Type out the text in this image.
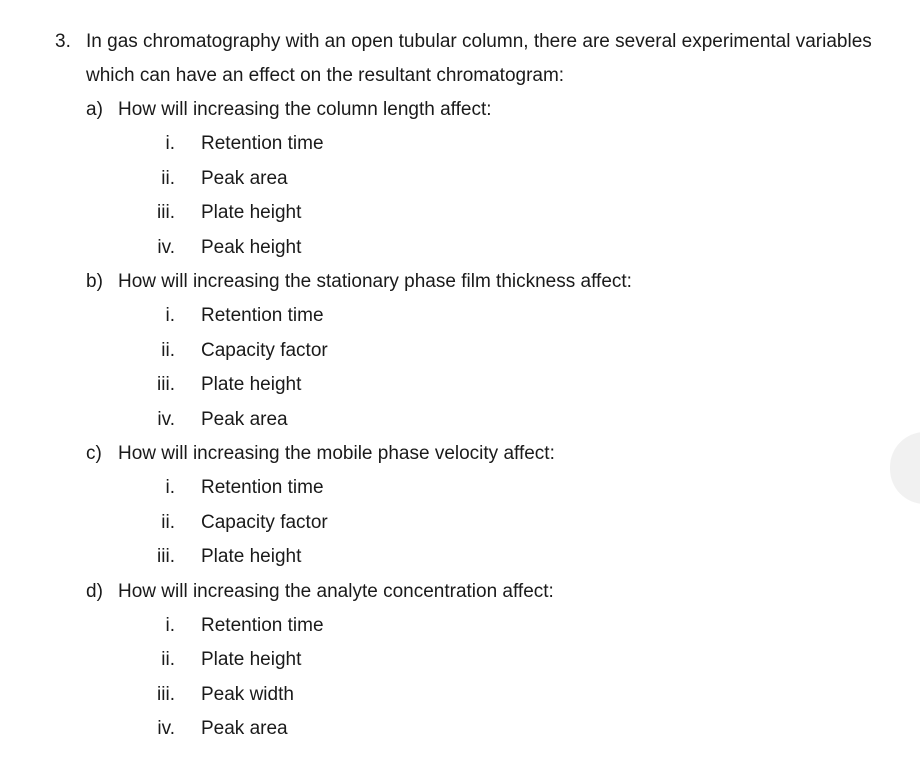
3. In gas chromatography with an open tubular column, there are several experimental variables
which can have an effect on the resultant chromatogram:
a) How will increasing the column length affect:
i. Retention time
ii. Peak area
iii. Plate height
iv. Peak height
b) How will increasing the stationary phase film thickness affect:
i. Retention time
ii. Capacity factor
iii. Plate height
iv. Peak area
c) How will increasing the mobile phase velocity affect:
i. Retention time
ii. Capacity factor
iii. Plate height
d) How will increasing the analyte concentration affect:
i. Retention time
ii. Plate height
iii. Peak width
iv. Peak area
